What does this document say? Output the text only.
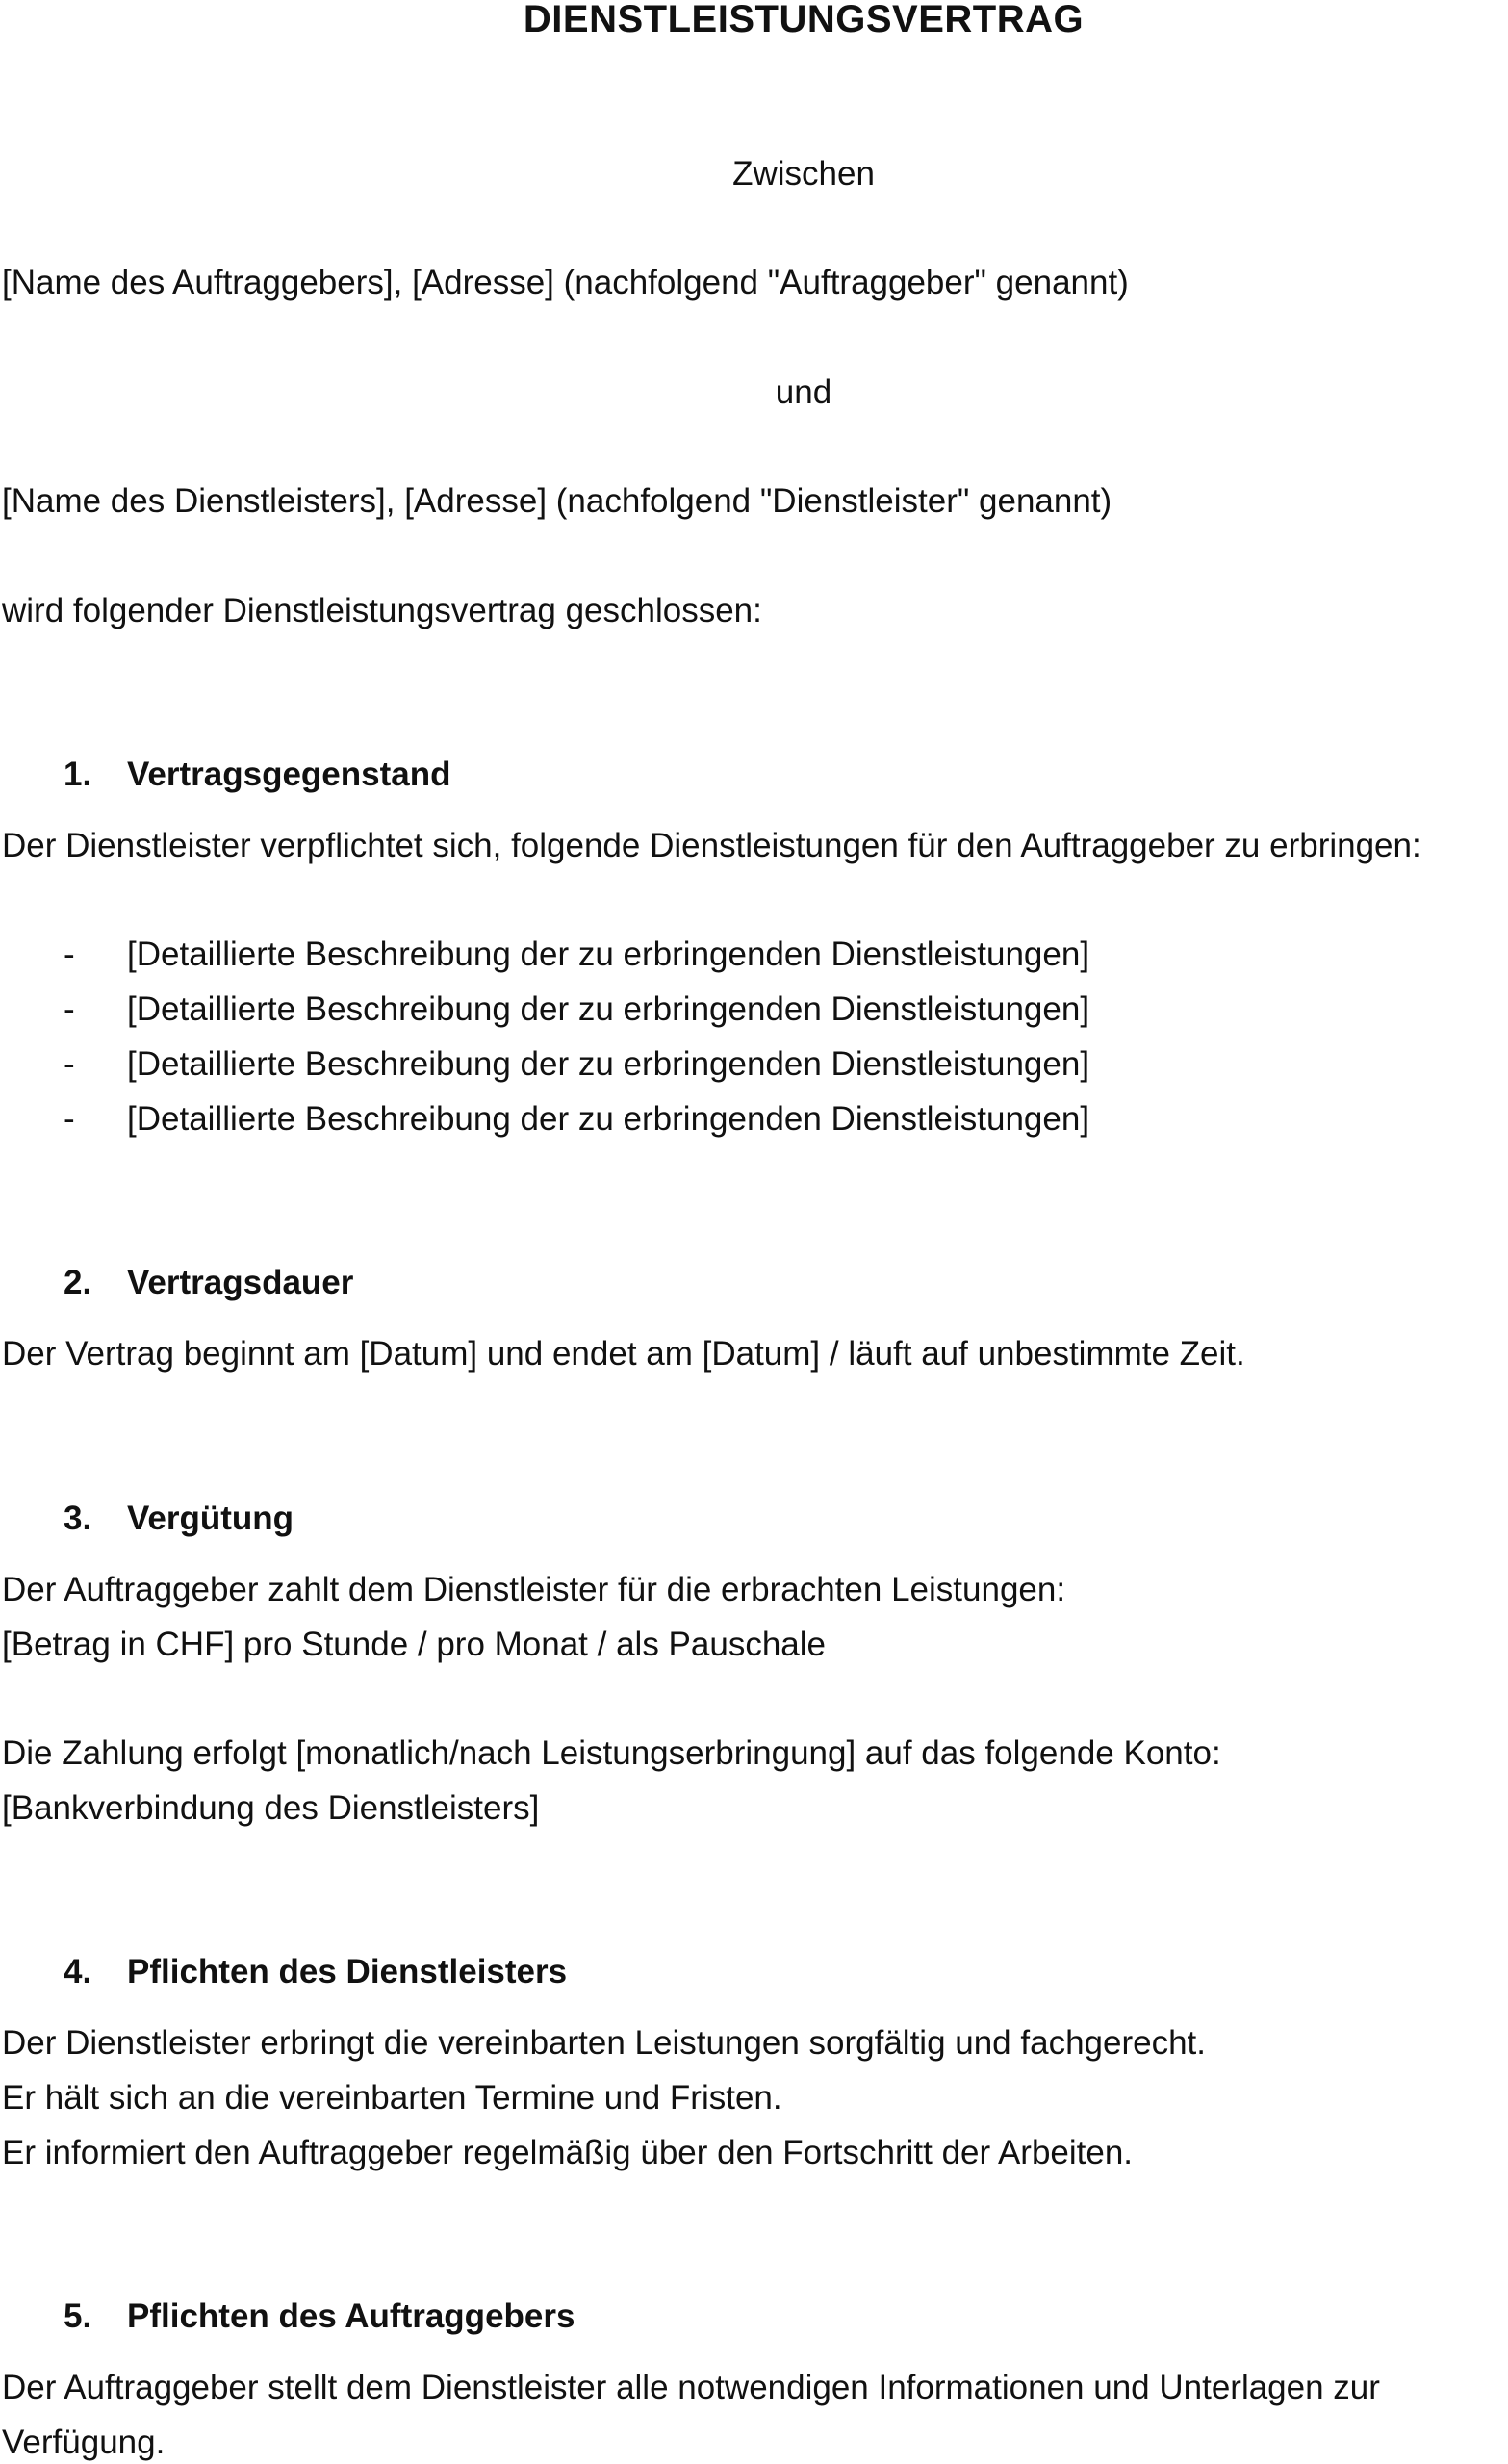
DIENSTLEISTUNGSVERTRAG

Zwischen

[Name des Auftraggebers], [Adresse] (nachfolgend "Auftraggeber" genannt)

und

[Name des Dienstleisters], [Adresse] (nachfolgend "Dienstleister" genannt)

wird folgender Dienstleistungsvertrag geschlossen:

1. Vertragsgegenstand

Der Dienstleister verpflichtet sich, folgende Dienstleistungen für den Auftraggeber zu erbringen:

- [Detaillierte Beschreibung der zu erbringenden Dienstleistungen]

- [Detaillierte Beschreibung der zu erbringenden Dienstleistungen]

- [Detaillierte Beschreibung der zu erbringenden Dienstleistungen]

- [Detaillierte Beschreibung der zu erbringenden Dienstleistungen]

2. Vertragsdauer

Der Vertrag beginnt am [Datum] und endet am [Datum] / läuft auf unbestimmte Zeit.

3. Vergütung

Der Auftraggeber zahlt dem Dienstleister für die erbrachten Leistungen:

[Betrag in CHF] pro Stunde / pro Monat / als Pauschale

Die Zahlung erfolgt [monatlich/nach Leistungserbringung] auf das folgende Konto:

[Bankverbindung des Dienstleisters]

4. Pflichten des Dienstleisters

Der Dienstleister erbringt die vereinbarten Leistungen sorgfältig und fachgerecht.

Er hält sich an die vereinbarten Termine und Fristen.

Er informiert den Auftraggeber regelmäßig über den Fortschritt der Arbeiten.

5. Pflichten des Auftraggebers

Der Auftraggeber stellt dem Dienstleister alle notwendigen Informationen und Unterlagen zur

Verfügung.
